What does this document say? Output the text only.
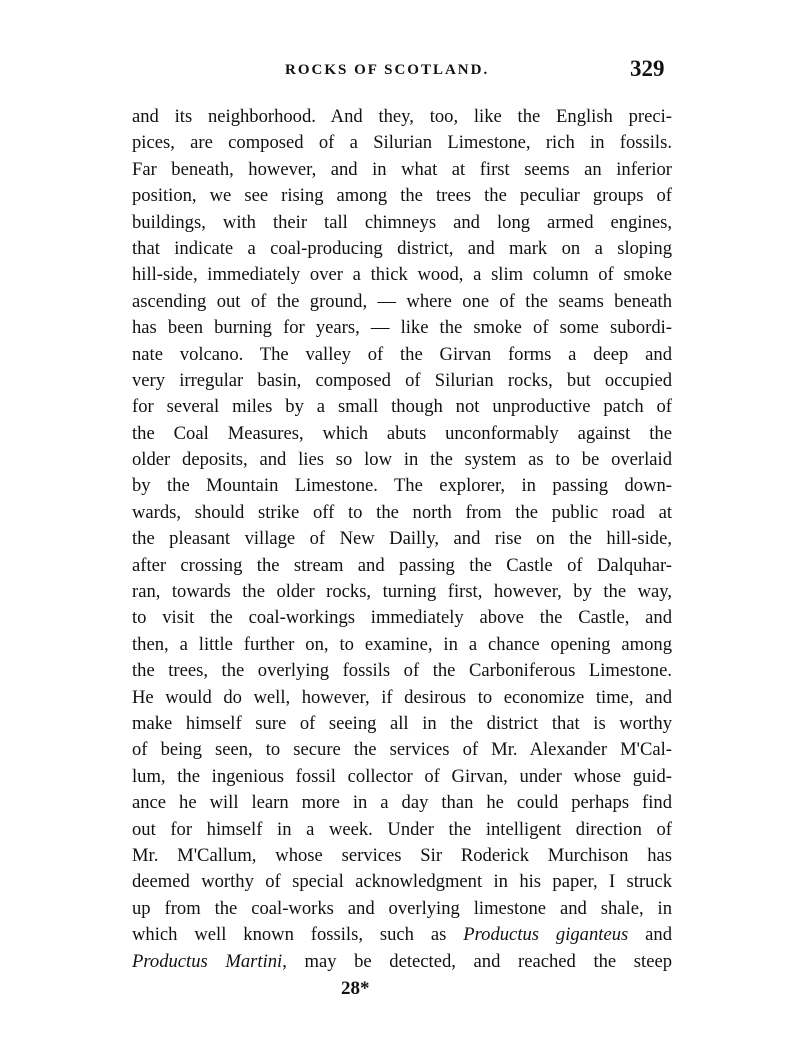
ROCKS OF SCOTLAND.	329
and its neighborhood. And they, too, like the English preci-
pices, are composed of a Silurian Limestone, rich in fossils.
Far beneath, however, and in what at first seems an inferior
position, we see rising among the trees the peculiar groups of
buildings, with their tall chimneys and long armed engines,
that indicate a coal-producing district, and mark on a sloping
hill-side, immediately over a thick wood, a slim column of smoke
ascending out of the ground, — where one of the seams beneath
has been burning for years, — like the smoke of some subordi-
nate volcano. The valley of the Girvan forms a deep and
very irregular basin, composed of Silurian rocks, but occupied
for several miles by a small though not unproductive patch of
the Coal Measures, which abuts unconformably against the
older deposits, and lies so low in the system as to be overlaid
by the Mountain Limestone. The explorer, in passing down-
wards, should strike off to the north from the public road at
the pleasant village of New Dailly, and rise on the hill-side,
after crossing the stream and passing the Castle of Dalquhar-
ran, towards the older rocks, turning first, however, by the way,
to visit the coal-workings immediately above the Castle, and
then, a little further on, to examine, in a chance opening among
the trees, the overlying fossils of the Carboniferous Limestone.
He would do well, however, if desirous to economize time, and
make himself sure of seeing all in the district that is worthy
of being seen, to secure the services of Mr. Alexander M'Cal-
lum, the ingenious fossil collector of Girvan, under whose guid-
ance he will learn more in a day than he could perhaps find
out for himself in a week. Under the intelligent direction of
Mr. M'Callum, whose services Sir Roderick Murchison has
deemed worthy of special acknowledgment in his paper, I struck
up from the coal-works and overlying limestone and shale, in
which well known fossils, such as Productus giganteus and
Productus Martini, may be detected, and reached the steep
28*
